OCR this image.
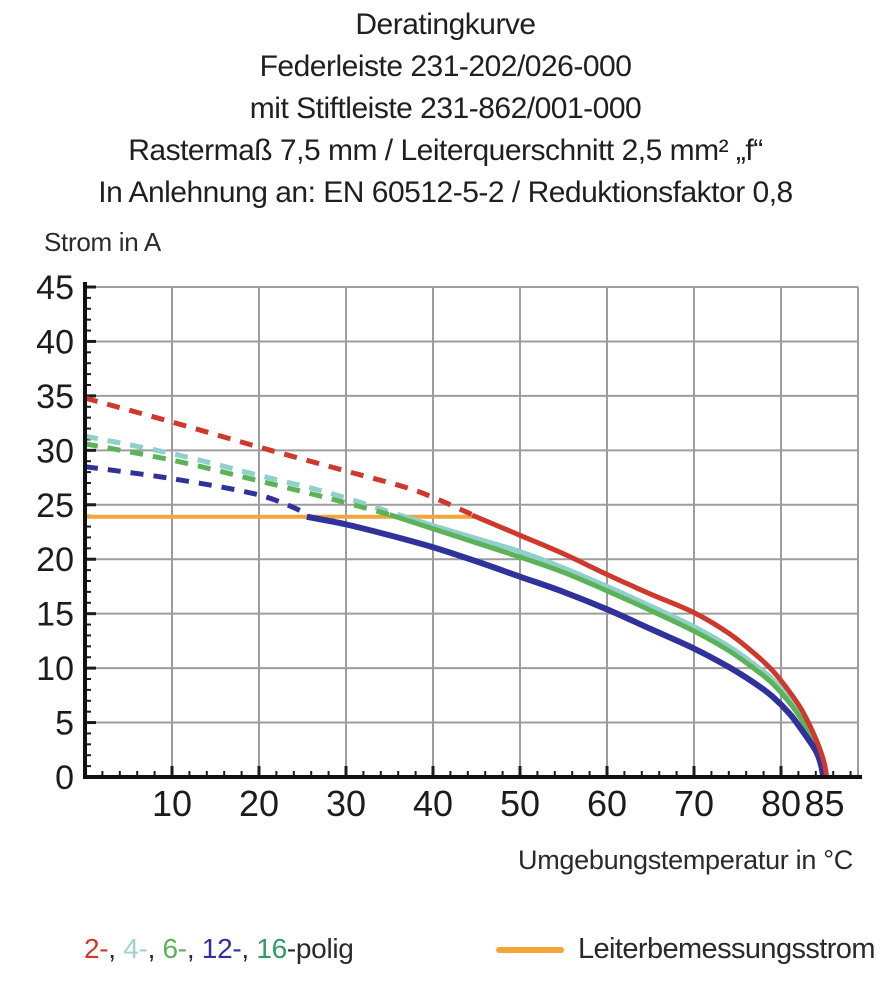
Deratingkurve
Federleiste 231-202/026-000
mit Stiftleiste 231-862/001-000
Rastermaß 7,5 mm / Leiterquerschnitt 2,5 mm² „f“
In Anlehnung an: EN 60512-5-2 / Reduktionsfaktor 0,8
Strom in A
0
5
10
15
20
25
30
35
40
45
10 20 30 40 50 60 70 80 85
Umgebungstemperatur in °C
2-, 4-, 6-, 12-, 16-polig	Leiterbemessungsstrom
